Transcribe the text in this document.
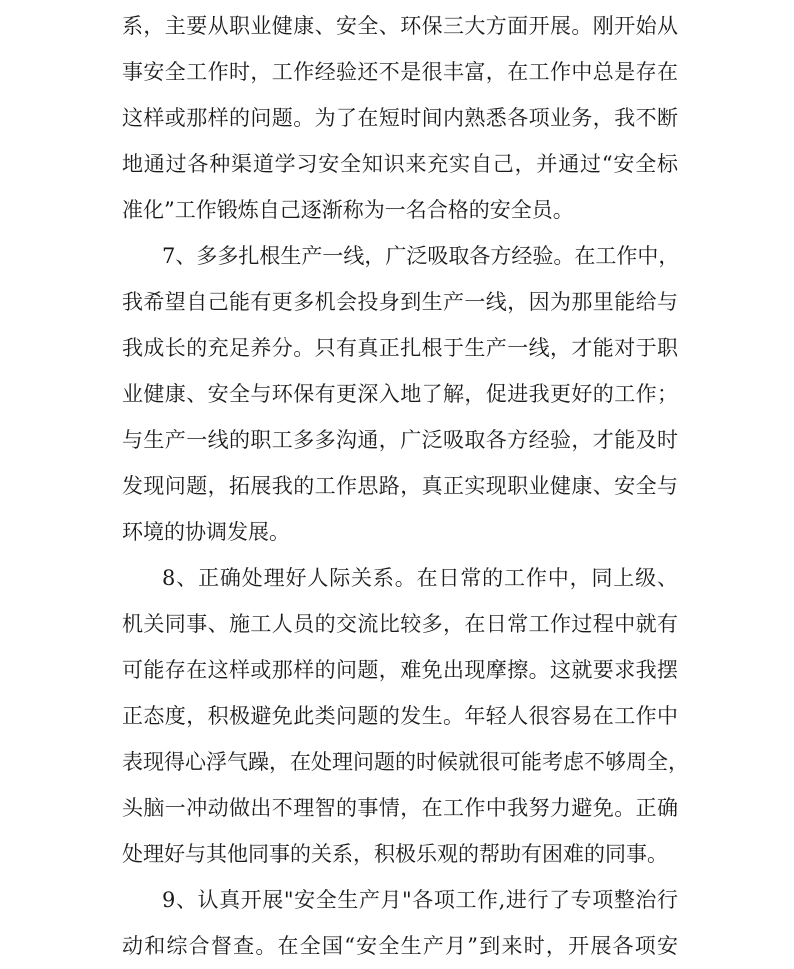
系，主要从职业健康、安全、环保三大方面开展。刚开始从
事安全工作时，工作经验还不是很丰富，在工作中总是存在
这样或那样的问题。为了在短时间内熟悉各项业务，我不断
地通过各种渠道学习安全知识来充实自己，并通过“安全标
准化”工作锻炼自己逐渐称为一名合格的安全员。
7、多多扎根生产一线，广泛吸取各方经验。在工作中，
我希望自己能有更多机会投身到生产一线，因为那里能给与
我成长的充足养分。只有真正扎根于生产一线，才能对于职
业健康、安全与环保有更深入地了解，促进我更好的工作；
与生产一线的职工多多沟通，广泛吸取各方经验，才能及时
发现问题，拓展我的工作思路，真正实现职业健康、安全与
环境的协调发展。
8、正确处理好人际关系。在日常的工作中，同上级、
机关同事、施工人员的交流比较多，在日常工作过程中就有
可能存在这样或那样的问题，难免出现摩擦。这就要求我摆
正态度，积极避免此类问题的发生。年轻人很容易在工作中
表现得心浮气躁，在处理问题的时候就很可能考虑不够周全，
头脑一冲动做出不理智的事情，在工作中我努力避免。正确
处理好与其他同事的关系，积极乐观的帮助有困难的同事。
9、认真开展"安全生产月"各项工作,进行了专项整治行
动和综合督查。在全国“安全生产月”到来时，开展各项安
